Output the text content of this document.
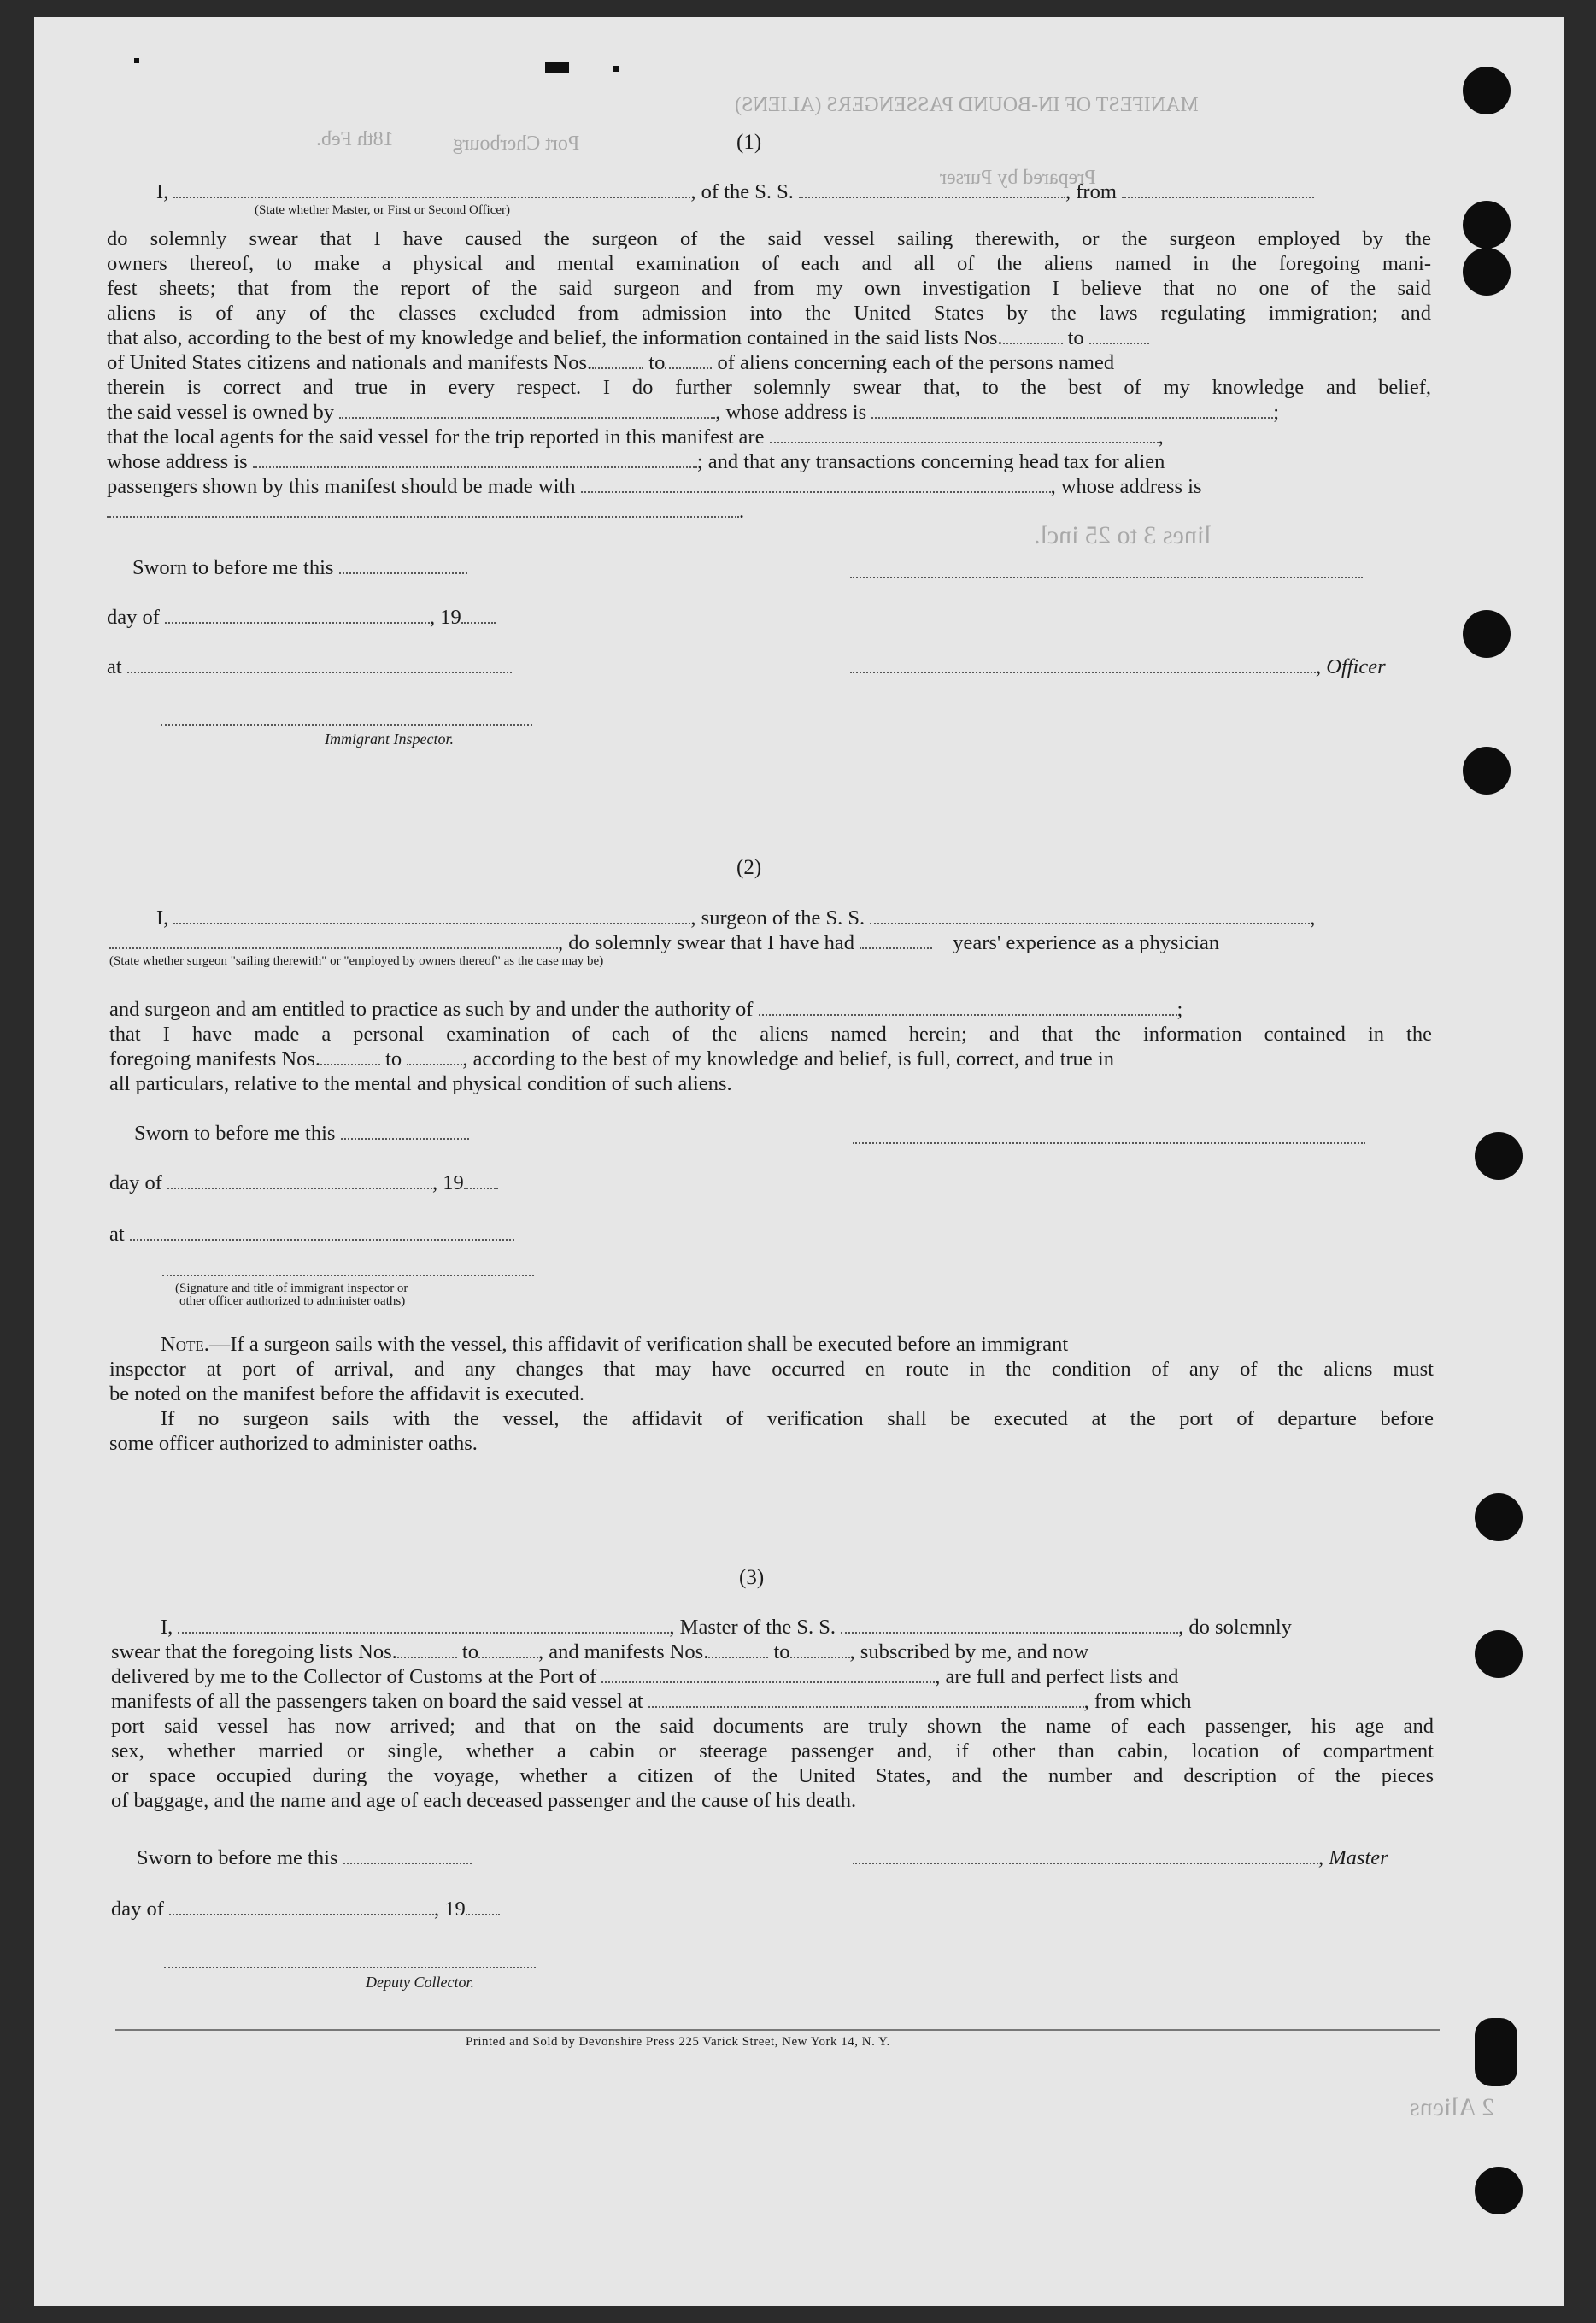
MANIFEST OF IN-BOUND PASSENGERS (ALIENS)
Port Cherbourg
18th Feb.
Prepared by Purser
lines 3 to 25 incl.
2 Aliens
(1)
I,	, of the S. S.	, from
(State whether Master, or First or Second Officer)
do solemnly swear that I have caused the surgeon of the said vessel sailing therewith, or the surgeon employed by the
owners thereof, to make a physical and mental examination of each and all of the aliens named in the foregoing mani-
fest sheets; that from the report of the said surgeon and from my own investigation I believe that no one of the said
aliens is of any of the classes excluded from admission into the United States by the laws regulating immigration; and
that also, according to the best of my knowledge and belief, the information contained in the said lists Nos.	to
of United States citizens and nationals and manifests Nos.	to of aliens concerning each of the persons named
therein is correct and true in every respect. I do further solemnly swear that, to the best of my knowledge and belief,
the said vessel is owned by	, whose address is	;
that the local agents for the said vessel for the trip reported in this manifest are	,
whose address is	; and that any transactions concerning head tax for alien
passengers shown by this manifest should be made with	, whose address is
.
Sworn to before me this
day of	, 19
at	, Officer
Immigrant Inspector.
(2)
I,	, surgeon of the S. S.	,
, do solemnly swear that I have had	years' experience as a physician
(State whether surgeon "sailing therewith" or "employed by owners thereof" as the case may be)
and surgeon and am entitled to practice as such by and under the authority of	;
that I have made a personal examination of each of the aliens named herein; and that the information contained in the
foregoing manifests Nos.	to	, according to the best of my knowledge and belief, is full, correct, and true in
all particulars, relative to the mental and physical condition of such aliens.
Sworn to before me this
day of	, 19
at
(Signature and title of immigrant inspector or
other officer authorized to administer oaths)
Note.—If a surgeon sails with the vessel, this affidavit of verification shall be executed before an immigrant
inspector at port of arrival, and any changes that may have occurred en route in the condition of any of the aliens must
be noted on the manifest before the affidavit is executed.
If no surgeon sails with the vessel, the affidavit of verification shall be executed at the port of departure before
some officer authorized to administer oaths.
(3)
I,	, Master of the S. S.	, do solemnly
swear that the foregoing lists Nos.	to	, and manifests Nos.	to	, subscribed by me, and now
delivered by me to the Collector of Customs at the Port of	, are full and perfect lists and
manifests of all the passengers taken on board the said vessel at	, from which
port said vessel has now arrived; and that on the said documents are truly shown the name of each passenger, his age and
sex, whether married or single, whether a cabin or steerage passenger and, if other than cabin, location of compartment
or space occupied during the voyage, whether a citizen of the United States, and the number and description of the pieces
of baggage, and the name and age of each deceased passenger and the cause of his death.
Sworn to before me this	, Master
day of	, 19
Deputy Collector.
Printed and Sold by Devonshire Press 225 Varick Street, New York 14, N. Y.
